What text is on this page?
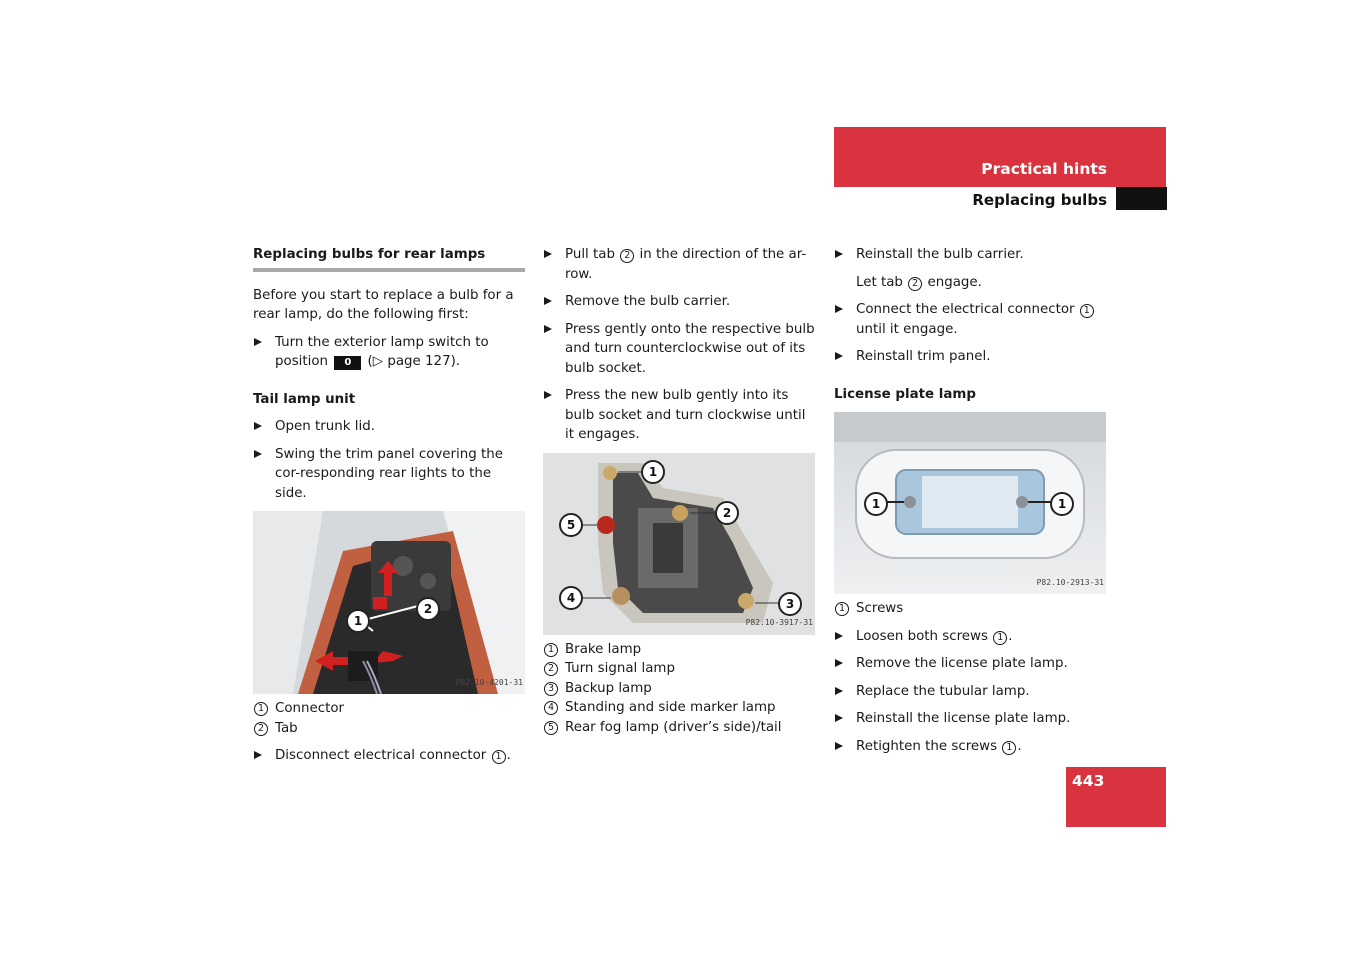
Practical hints
Replacing bulbs
Replacing bulbs for rear lamps

Before you start to replace a bulb for a rear lamp, do the following first:

Turn the exterior lamp switch to position 0 (▷ page 127).
Tail lamp unit
Open trunk lid.
Swing the trim panel covering the cor-responding rear lights to the side.
1
2
P82.10-4201-31
1 Connector
2 Tab
Disconnect electrical connector 1 .
Pull tab 2 in the direction of the ar-row.
Remove the bulb carrier.
Press gently onto the respective bulb and turn counterclockwise out of its bulb socket.
Press the new bulb gently into its bulb socket and turn clockwise until it engages.
1
2
3
4
5
P82.10-3917-31
1 Brake lamp
2 Turn signal lamp
3 Backup lamp
4 Standing and side marker lamp
5 Rear fog lamp (driver’s side)/tail
Reinstall the bulb carrier.
Let tab 2 engage.
Connect the electrical connector 1 until it engage.
Reinstall trim panel.
License plate lamp
1	1
P82.10-2913-31
1 Screws
Loosen both screws 1 .
Remove the license plate lamp.
Replace the tubular lamp.
Reinstall the license plate lamp.
Retighten the screws 1 .
443
